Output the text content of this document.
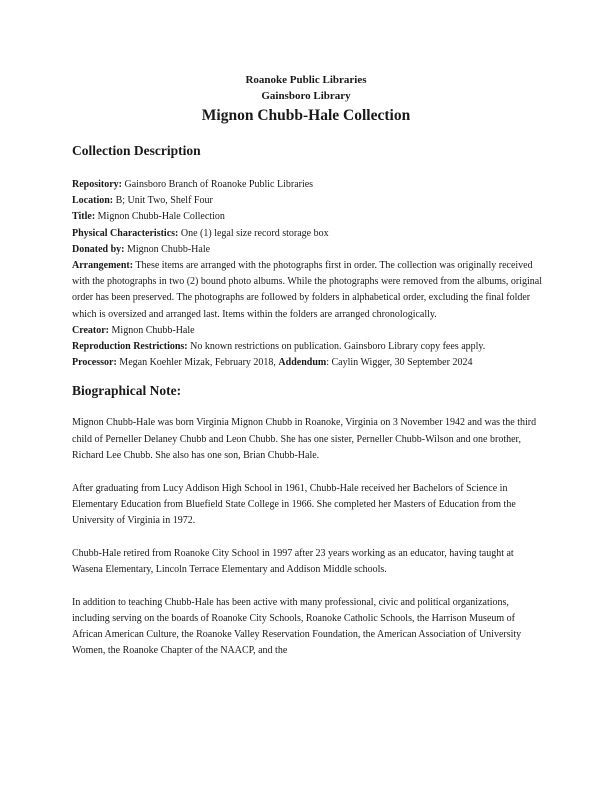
Roanoke Public Libraries
Gainsboro Library
Mignon Chubb-Hale Collection
Collection Description

Repository: Gainsboro Branch of Roanoke Public Libraries

Location: B; Unit Two, Shelf Four

Title: Mignon Chubb-Hale Collection

Physical Characteristics: One (1) legal size record storage box

Donated by: Mignon Chubb-Hale

Arrangement: These items are arranged with the photographs first in order. The collection was originally received with the photographs in two (2) bound photo albums. While the photographs were removed from the albums, original order has been preserved. The photographs are followed by folders in alphabetical order, excluding the final folder which is oversized and arranged last. Items within the folders are arranged chronologically.

Creator: Mignon Chubb-Hale

Reproduction Restrictions: No known restrictions on publication. Gainsboro Library copy fees apply.

Processor: Megan Koehler Mizak, February 2018, Addendum: Caylin Wigger, 30 September 2024

Biographical Note:

Mignon Chubb-Hale was born Virginia Mignon Chubb in Roanoke, Virginia on 3 November 1942 and was the third child of Perneller Delaney Chubb and Leon Chubb. She has one sister, Perneller Chubb-Wilson and one brother, Richard Lee Chubb. She also has one son, Brian Chubb-Hale.

After graduating from Lucy Addison High School in 1961, Chubb-Hale received her Bachelors of Science in Elementary Education from Bluefield State College in 1966. She completed her Masters of Education from the University of Virginia in 1972.

Chubb-Hale retired from Roanoke City School in 1997 after 23 years working as an educator, having taught at Wasena Elementary, Lincoln Terrace Elementary and Addison Middle schools.

In addition to teaching Chubb-Hale has been active with many professional, civic and political organizations, including serving on the boards of Roanoke City Schools, Roanoke Catholic Schools, the Harrison Museum of African American Culture, the Roanoke Valley Reservation Foundation, the American Association of University Women, the Roanoke Chapter of the NAACP, and the
